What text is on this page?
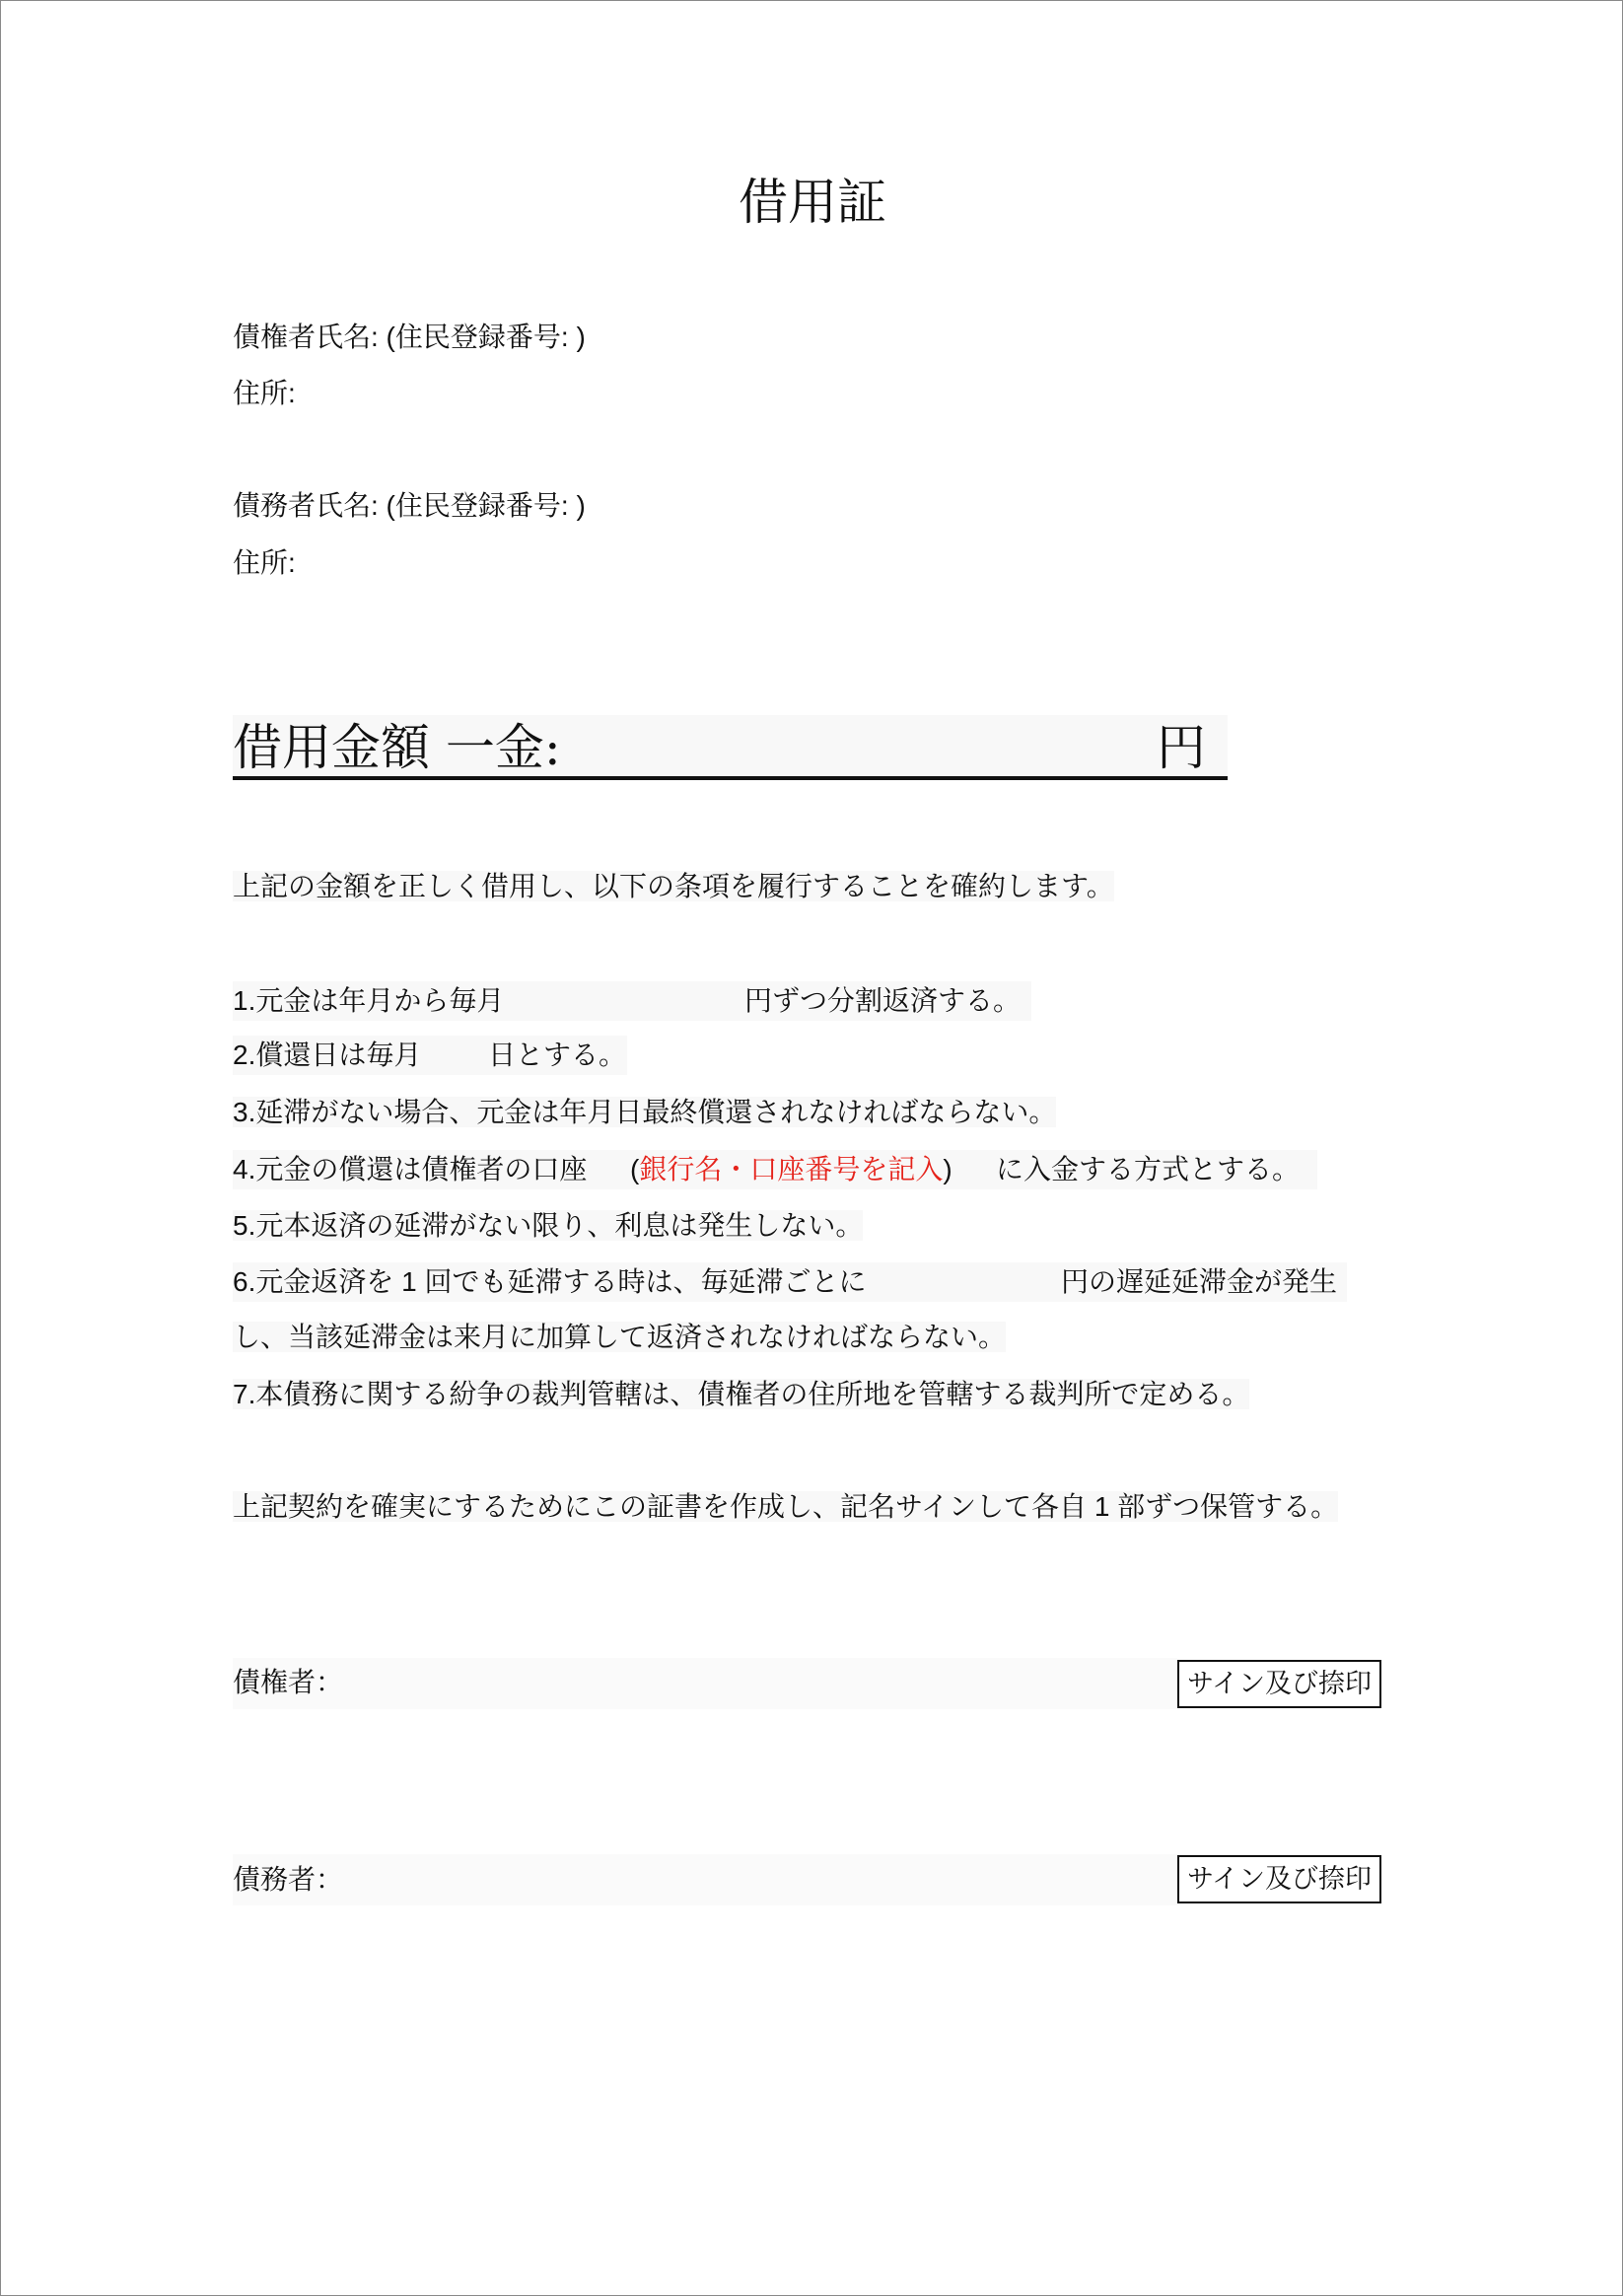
借用証
債権者氏名: (住民登録番号: )
住所:
債務者氏名: (住民登録番号: )
住所:
借用金額 一金:	円
上記の金額を正しく借用し、以下の条項を履行することを確約します。
1.元金は年月から毎月	円ずつ分割返済する。
2.償還日は毎月 日とする。
3.延滞がない場合、元金は年月日最終償還されなければならない。
4.元金の償還は債権者の口座 (銀行名・口座番号を記入) に入金する方式とする。
5.元本返済の延滞がない限り、利息は発生しない。
6.元金返済を 1 回でも延滞する時は、毎延滞ごとに	円の遅延延滞金が発生
し、当該延滞金は来月に加算して返済されなければならない。
7.本債務に関する紛争の裁判管轄は、債権者の住所地を管轄する裁判所で定める。
上記契約を確実にするためにこの証書を作成し、記名サインして各自 1 部ずつ保管する。
債権者：	サイン及び捺印
債務者：	サイン及び捺印
